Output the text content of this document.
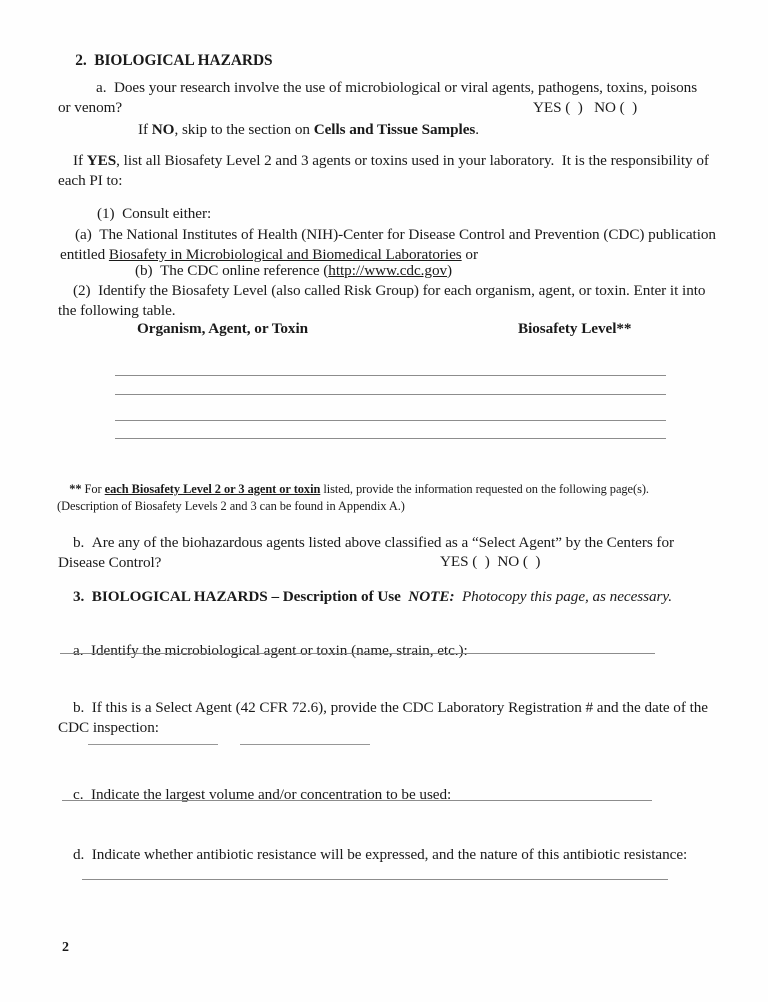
2. BIOLOGICAL HAZARDS

a. Does your research involve the use of microbiological or viral agents, pathogens, toxins, poisons or venom?
	YES (  ) NO (  )

If NO, skip to the section on Cells and Tissue Samples.

If YES, list all Biosafety Level 2 and 3 agents or toxins used in your laboratory.  It is the responsibility of each PI to:

(1) Consult either:

(a) The National Institutes of Health (NIH)-Center for Disease Control and Prevention (CDC) publication entitled Biosafety in Microbiological and Biomedical Laboratories or

(b) The CDC online reference (http://www.cdc.gov)

(2) Identify the Biosafety Level (also called Risk Group) for each organism, agent, or toxin. Enter it into the following table.

Organism, Agent, or Toxin	Biosafety Level**

** For each Biosafety Level 2 or 3 agent or toxin listed, provide the information requested on the following page(s). (Description of Biosafety Levels 2 and 3 can be found in Appendix A.)

b. Are any of the biohazardous agents listed above classified as a “Select Agent” by the Centers for Disease Control?
	YES (  ) NO (  )

3. BIOLOGICAL HAZARDS – Description of Use NOTE: Photocopy this page, as necessary.

a. Identify the microbiological agent or toxin (name, strain, etc.):

b. If this is a Select Agent (42 CFR 72.6), provide the CDC Laboratory Registration # and the date of the CDC inspection:

c. Indicate the largest volume and/or concentration to be used:

d. Indicate whether antibiotic resistance will be expressed, and the nature of this antibiotic resistance:

2
